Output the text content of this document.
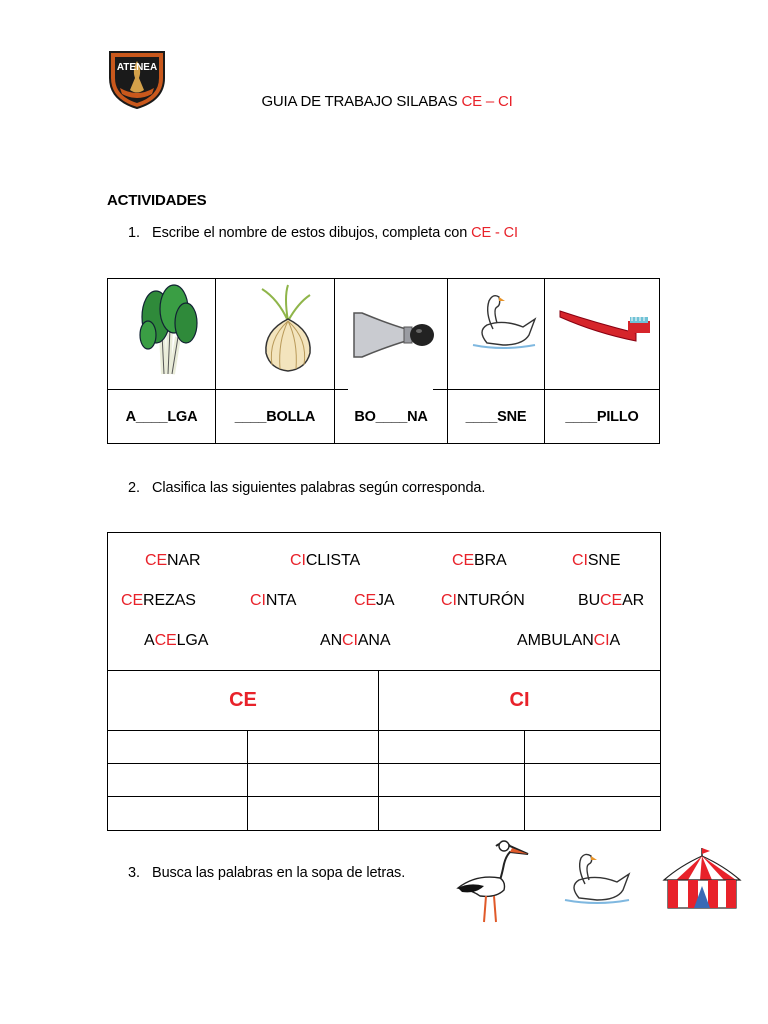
ATENEA
GUIA DE TRABAJO SILABAS CE – CI
ACTIVIDADES
1. Escribe el nombre de estos dibujos, completa con CE - CI
A____LGA	____BOLLA	BO____NA	____SNE	____PILLO
2. Clasifica las siguientes palabras según corresponda.
CENAR	CICLISTA	CEBRA	CISNE
CEREZAS	CINTA	CEJA	CINTURÓN	BUCEAR
ACELGA	ANCIANA	AMBULANCIA
CE	CI
3. Busca las palabras en la sopa de letras.
